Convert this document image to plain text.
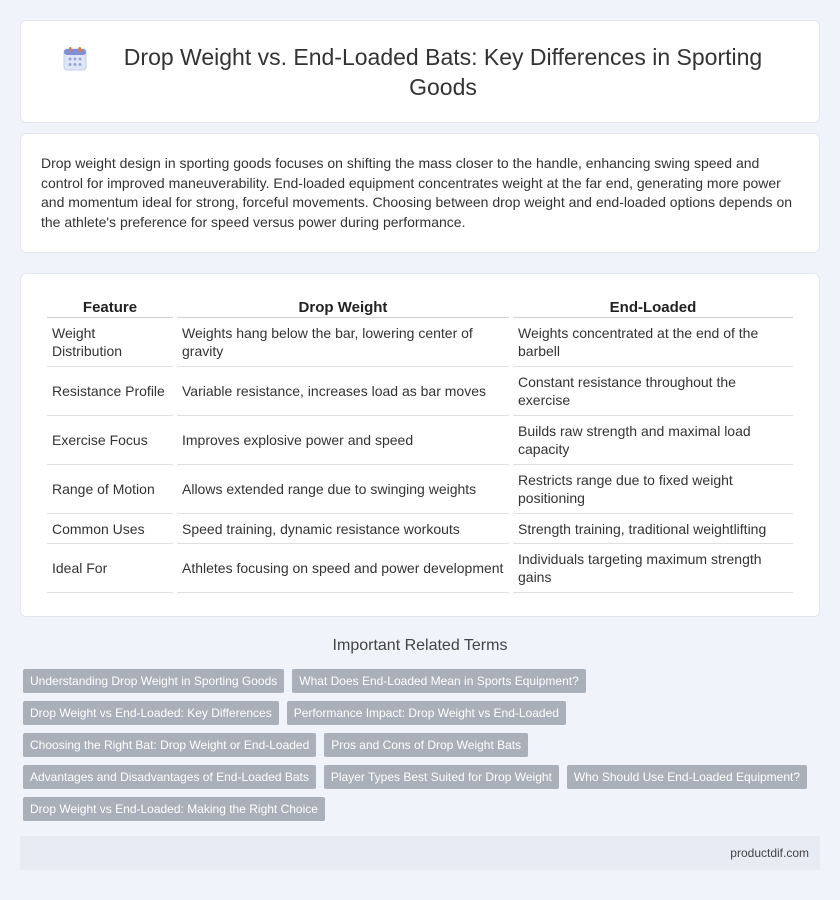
Drop Weight vs. End-Loaded Bats: Key Differences in Sporting Goods

Drop weight design in sporting goods focuses on shifting the mass closer to the handle, enhancing swing speed and control for improved maneuverability. End-loaded equipment concentrates weight at the far end, generating more power and momentum ideal for strong, forceful movements. Choosing between drop weight and end-loaded options depends on the athlete's preference for speed versus power during performance.

Feature	Drop Weight	End-Loaded
Weight Distribution	Weights hang below the bar, lowering center of gravity	Weights concentrated at the end of the barbell
Resistance Profile	Variable resistance, increases load as bar moves	Constant resistance throughout the exercise
Exercise Focus	Improves explosive power and speed	Builds raw strength and maximal load capacity
Range of Motion	Allows extended range due to swinging weights	Restricts range due to fixed weight positioning
Common Uses	Speed training, dynamic resistance workouts	Strength training, traditional weightlifting
Ideal For	Athletes focusing on speed and power development	Individuals targeting maximum strength gains
Important Related Terms
Understanding Drop Weight in Sporting Goods	What Does End-Loaded Mean in Sports Equipment?
Drop Weight vs End-Loaded: Key Differences	Performance Impact: Drop Weight vs End-Loaded
Choosing the Right Bat: Drop Weight or End-Loaded	Pros and Cons of Drop Weight Bats
Advantages and Disadvantages of End-Loaded Bats	Player Types Best Suited for Drop Weight	Who Should Use End-Loaded Equipment?
Drop Weight vs End-Loaded: Making the Right Choice
productdif.com
